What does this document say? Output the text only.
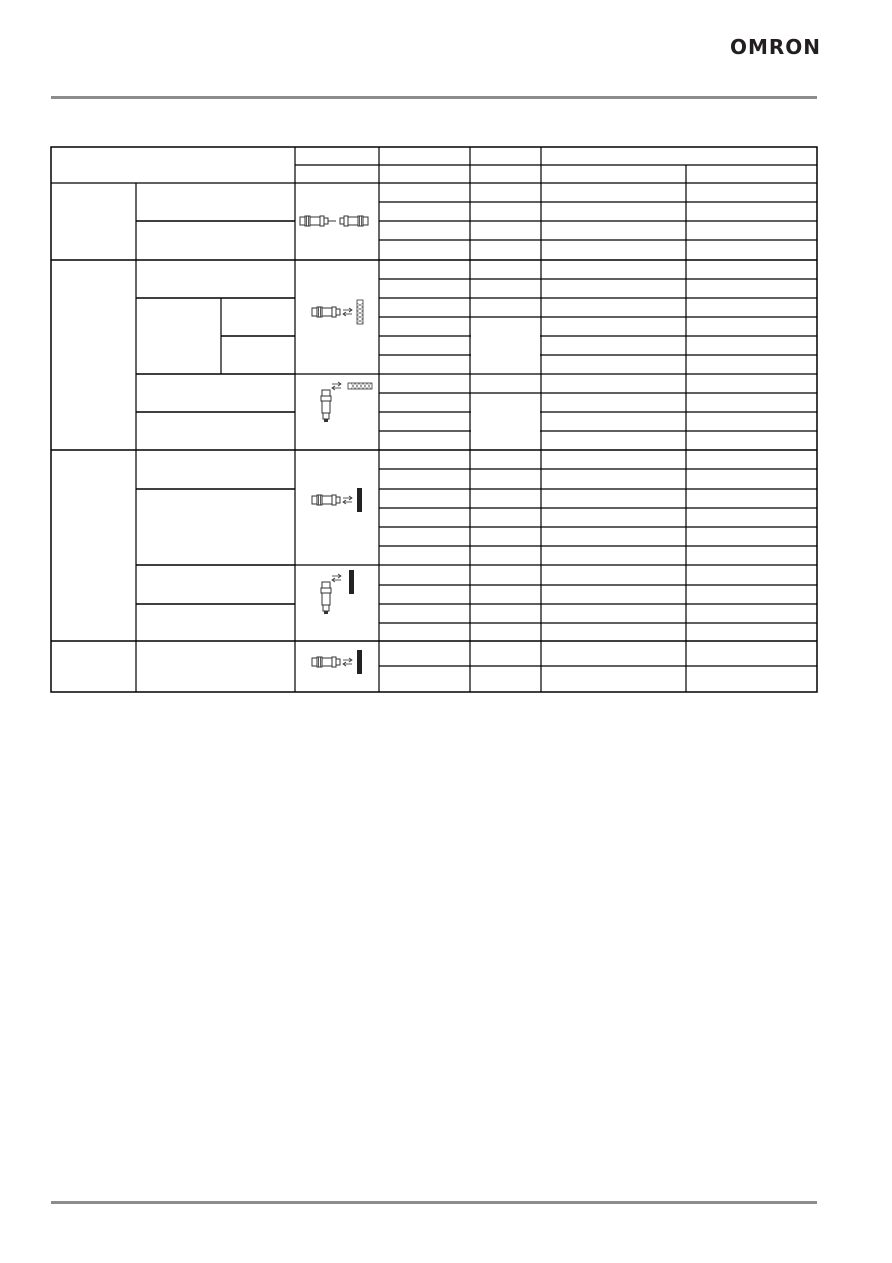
OMRON
